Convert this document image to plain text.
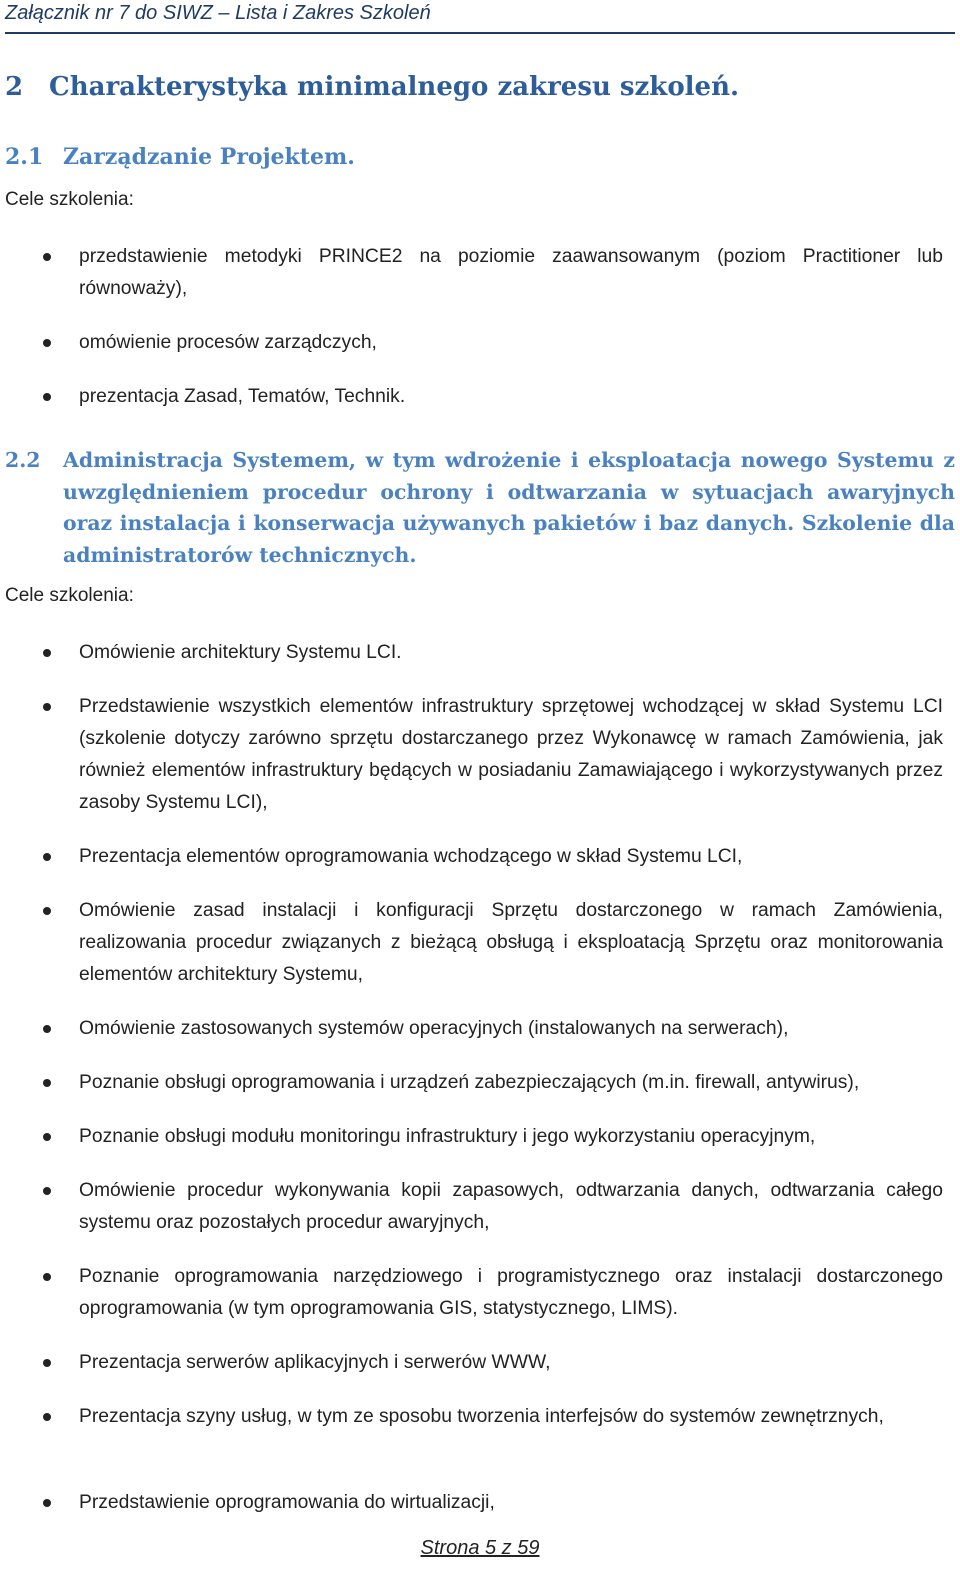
Załącznik nr 7 do SIWZ – Lista i Zakres Szkoleń
2 Charakterystyka minimalnego zakresu szkoleń.
2.1 Zarządzanie Projektem.
Cele szkolenia:
przedstawienie metodyki PRINCE2 na poziomie zaawansowanym (poziom Practitioner lub równoważy),
omówienie procesów zarządczych,
prezentacja Zasad, Tematów, Technik.
2.2 Administracja Systemem, w tym wdrożenie i eksploatacja nowego Systemu z uwzględnieniem procedur ochrony i odtwarzania w sytuacjach awaryjnych oraz instalacja i konserwacja używanych pakietów i baz danych. Szkolenie dla administratorów technicznych.
Cele szkolenia:
Omówienie architektury Systemu LCI.
Przedstawienie wszystkich elementów infrastruktury sprzętowej wchodzącej w skład Systemu LCI (szkolenie dotyczy zarówno sprzętu dostarczanego przez Wykonawcę w ramach Zamówienia, jak również elementów infrastruktury będących w posiadaniu Zamawiającego i wykorzystywanych przez zasoby Systemu LCI),
Prezentacja elementów oprogramowania wchodzącego w skład Systemu LCI,
Omówienie zasad instalacji i konfiguracji Sprzętu dostarczonego w ramach Zamówienia, realizowania procedur związanych z bieżącą obsługą i eksploatacją Sprzętu oraz monitorowania elementów architektury Systemu,
Omówienie zastosowanych systemów operacyjnych (instalowanych na serwerach),
Poznanie obsługi oprogramowania i urządzeń zabezpieczających (m.in. firewall, antywirus),
Poznanie obsługi modułu monitoringu infrastruktury i jego wykorzystaniu operacyjnym,
Omówienie procedur wykonywania kopii zapasowych, odtwarzania danych, odtwarzania całego systemu oraz pozostałych procedur awaryjnych,
Poznanie oprogramowania narzędziowego i programistycznego oraz instalacji dostarczonego oprogramowania (w tym oprogramowania GIS, statystycznego, LIMS).
Prezentacja serwerów aplikacyjnych i serwerów WWW,
Prezentacja szyny usług, w tym ze sposobu tworzenia interfejsów do systemów zewnętrznych,
Przedstawienie oprogramowania do wirtualizacji,
Strona 5 z 59
